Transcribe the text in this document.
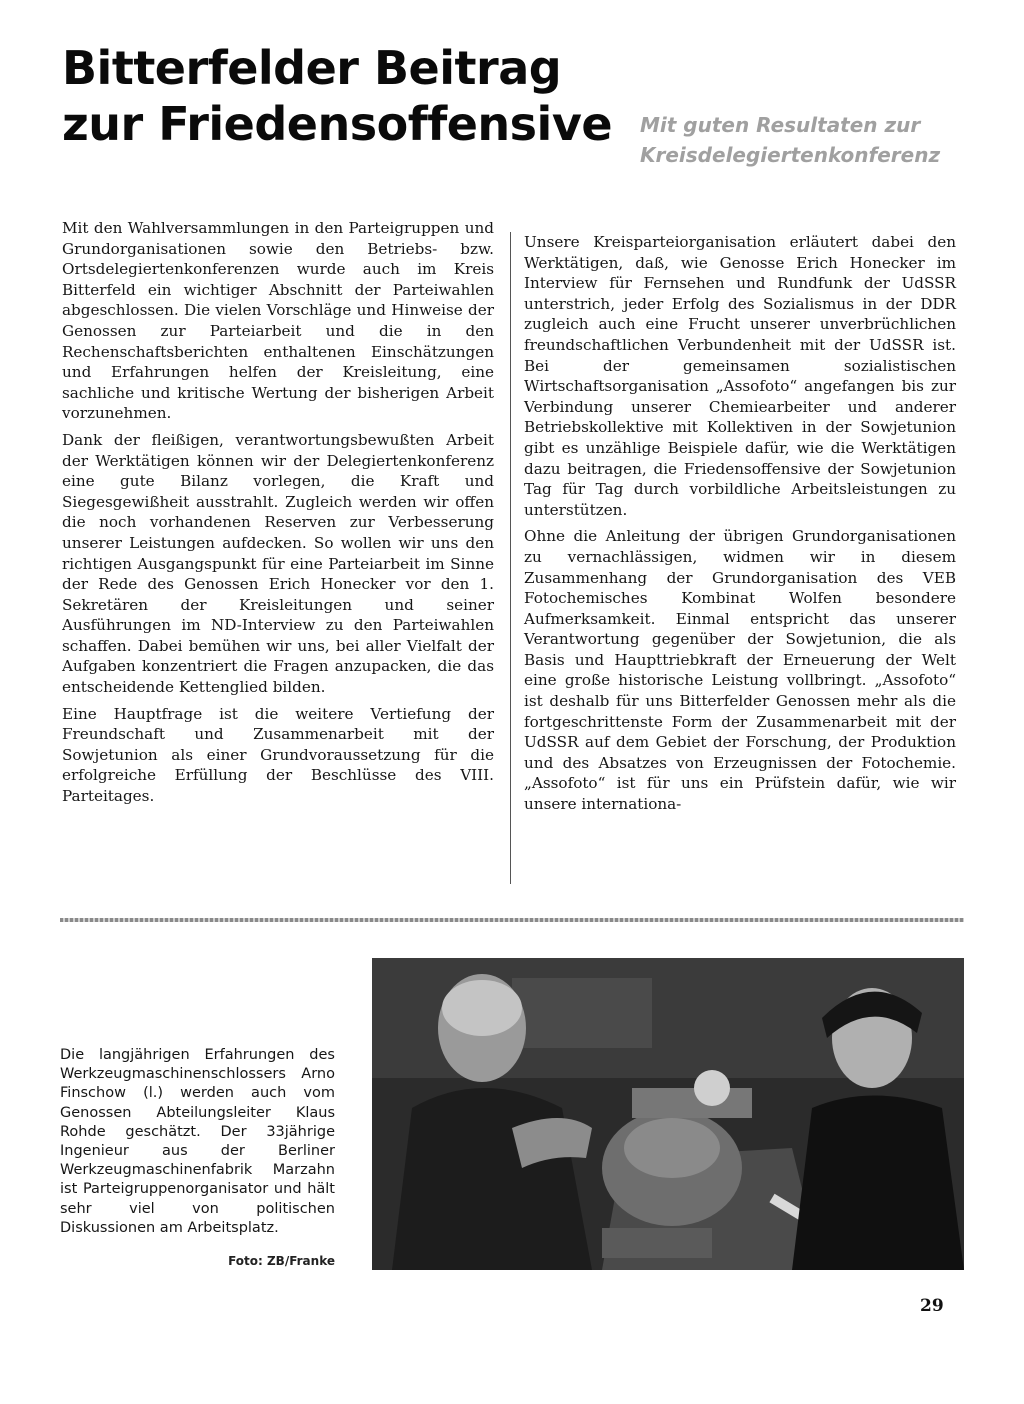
Bitterfelder Beitrag
zur Friedensoffensive	Mit guten Resultaten zur
Kreisdelegiertenkonferenz

Mit den Wahlversammlungen in den Parteigruppen und Grundorganisationen sowie den Betriebs- bzw. Ortsdelegiertenkonferenzen wurde auch im Kreis Bitterfeld ein wichtiger Abschnitt der Parteiwahlen abgeschlossen. Die vielen Vorschläge und Hinweise der Genossen zur Parteiarbeit und die in den Rechenschaftsberichten enthaltenen Einschätzungen und Erfahrungen helfen der Kreisleitung, eine sachliche und kritische Wertung der bisherigen Arbeit vorzunehmen.

Dank der fleißigen, verantwortungsbewußten Arbeit der Werktätigen können wir der Delegiertenkonferenz eine gute Bilanz vorlegen, die Kraft und Siegesgewißheit ausstrahlt. Zugleich werden wir offen die noch vorhandenen Reserven zur Verbesserung unserer Leistungen aufdecken. So wollen wir uns den richtigen Ausgangspunkt für eine Parteiarbeit im Sinne der Rede des Genossen Erich Honecker vor den 1. Sekretären der Kreisleitungen und seiner Ausführungen im ND-Interview zu den Parteiwahlen schaffen. Dabei bemühen wir uns, bei aller Vielfalt der Aufgaben konzentriert die Fragen anzupacken, die das entscheidende Kettenglied bilden.

Eine Hauptfrage ist die weitere Vertiefung der Freundschaft und Zusammenarbeit mit der Sowjetunion als einer Grundvoraussetzung für die erfolgreiche Erfüllung der Beschlüsse des VIII. Parteitages.

Unsere Kreisparteiorganisation erläutert dabei den Werktätigen, daß, wie Genosse Erich Honecker im Interview für Fernsehen und Rundfunk der UdSSR unterstrich, jeder Erfolg des Sozialismus in der DDR zugleich auch eine Frucht unserer unverbrüchlichen freundschaftlichen Verbundenheit mit der UdSSR ist. Bei der gemeinsamen sozialistischen Wirtschaftsorganisation „Assofoto“ angefangen bis zur Verbindung unserer Chemiearbeiter und anderer Betriebskollektive mit Kollektiven in der Sowjetunion gibt es unzählige Beispiele dafür, wie die Werktätigen dazu beitragen, die Friedensoffensive der Sowjetunion Tag für Tag durch vorbildliche Arbeitsleistungen zu unterstützen.

Ohne die Anleitung der übrigen Grundorganisationen zu vernachlässigen, widmen wir in diesem Zusammenhang der Grundorganisation des VEB Fotochemisches Kombinat Wolfen besondere Aufmerksamkeit. Einmal entspricht das unserer Verantwortung gegenüber der Sowjetunion, die als Basis und Haupttriebkraft der Erneuerung der Welt eine große historische Leistung vollbringt. „Assofoto“ ist deshalb für uns Bitterfelder Genossen mehr als die fortgeschrittenste Form der Zusammenarbeit mit der UdSSR auf dem Gebiet der Forschung, der Produktion und des Absatzes von Erzeugnissen der Fotochemie. „Assofoto“ ist für uns ein Prüfstein dafür, wie wir unsere internationa-

Die langjährigen Erfahrungen des Werkzeugmaschinenschlossers Arno Finschow (l.) werden auch vom Genossen Abteilungsleiter Klaus Rohde geschätzt. Der 33jährige Ingenieur aus der Berliner Werkzeugmaschinenfabrik Marzahn ist Parteigruppenorganisator und hält sehr viel von politischen Diskussionen am Arbeitsplatz.

Foto: ZB/Franke
29
